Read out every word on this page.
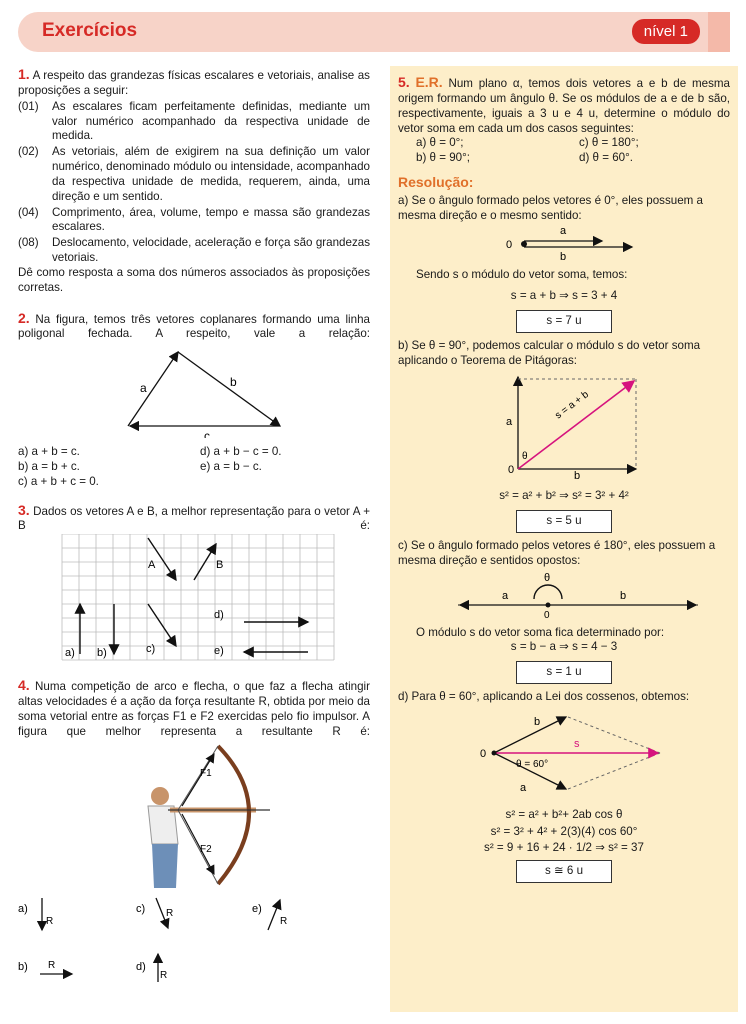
Exercícios	nível 1
1. A respeito das grandezas físicas escalares e vetoriais, analise as proposições a seguir:
(01)	As escalares ficam perfeitamente definidas, mediante um valor numérico acompanhado da respectiva unidade de medida.
(02)	As vetoriais, além de exigirem na sua definição um valor numérico, denominado módulo ou intensidade, acompanhado da respectiva unidade de medida, requerem, ainda, uma direção e um sentido.
(04)	Comprimento, área, volume, tempo e massa são grandezas escalares.
(08)	Deslocamento, velocidade, aceleração e força são grandezas vetoriais.
Dê como resposta a soma dos números associados às proposições corretas.
2. Na figura, temos três vetores coplanares formando uma linha poligonal fechada. A respeito, vale a relação:
a	b
c
a) a + b = c.	d) a + b − c = 0.
b) a = b + c.	e) a = b − c.
c) a + b + c = 0.
3. Dados os vetores A e B, a melhor representação para o vetor A + B é:
A	B
a) b)	c)
d)
e)
4. Numa competição de arco e flecha, o que faz a flecha atingir altas velocidades é a ação da força resultante R, obtida por meio da soma vetorial entre as forças F1 e F2 exercidas pelo fio impulsor. A figura que melhor representa a resultante R é:
F1
F2

a)
R
b) R
c) R
d)
R
e)
R
5. E.R. Num plano α, temos dois vetores a e b de mesma origem formando um ângulo θ. Se os módulos de a e de b são, respectivamente, iguais a 3 u e 4 u, determine o módulo do vetor soma em cada um dos casos seguintes:
a) θ = 0°;	c) θ = 180°;
b) θ = 90°;	d) θ = 60°.
Resolução:
a) Se o ângulo formado pelos vetores é 0°, eles possuem a mesma direção e o mesmo sentido:
0
a
b
Sendo s o módulo do vetor soma, temos:
s = a + b ⇒ s = 3 + 4
s = 7 u
b) Se θ = 90°, podemos calcular o módulo s do vetor soma aplicando o Teorema de Pitágoras:
0
a
b
θ
s = a + b
s² = a² + b² ⇒ s² = 3² + 4²
s = 5 u
c) Se o ângulo formado pelos vetores é 180°, eles possuem a mesma direção e sentidos opostos:
θ
0
a	b
O módulo s do vetor soma fica determinado por:
s = b − a ⇒ s = 4 − 3
s = 1 u
d) Para θ = 60°, aplicando a Lei dos cossenos, obtemos:
0
b
a
s
θ = 60°
s² = a² + b²+ 2ab cos θ
s² = 3² + 4² + 2(3)(4) cos 60°
s² = 9 + 16 + 24 · 1/2 ⇒ s² = 37
s ≅ 6 u
